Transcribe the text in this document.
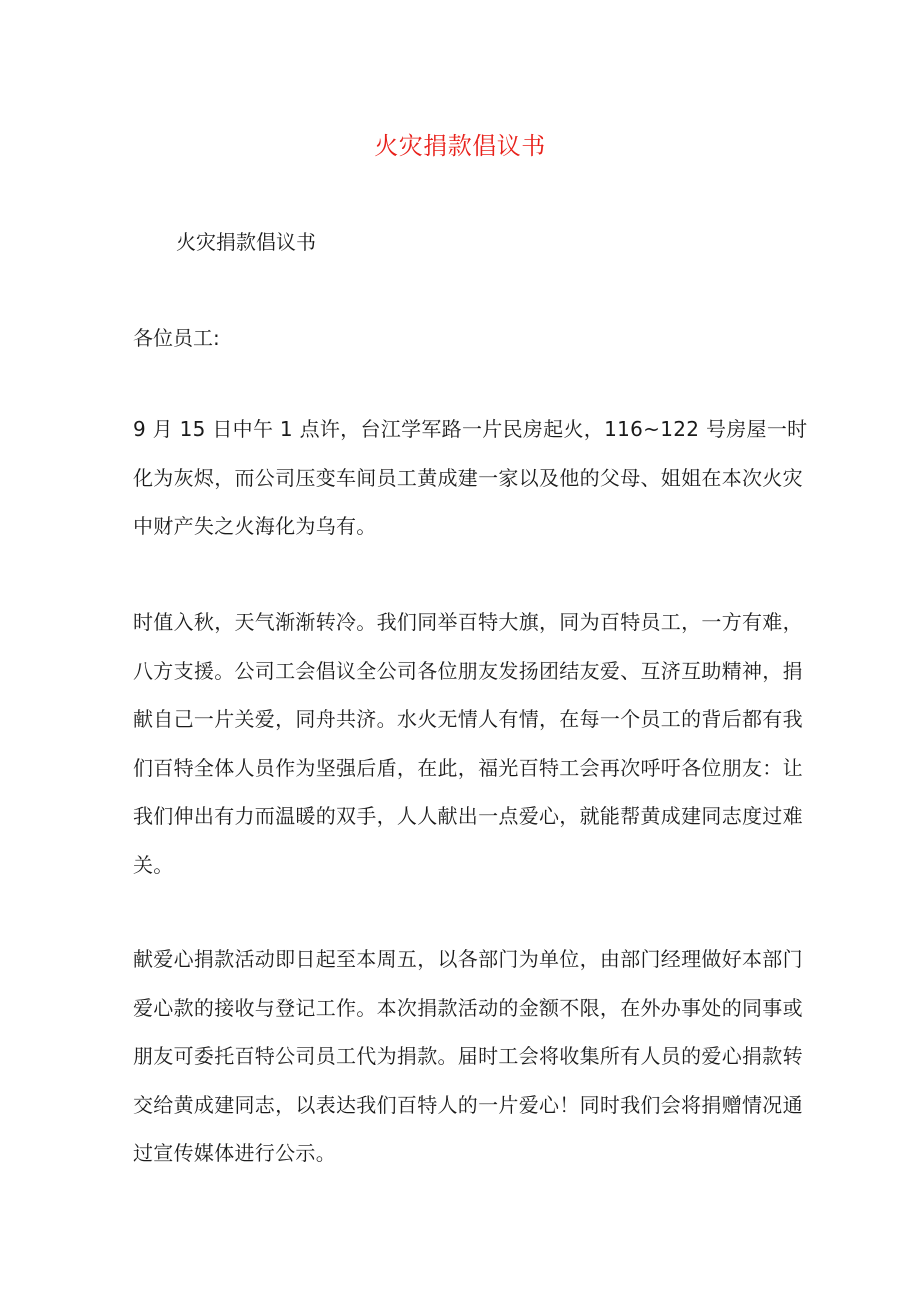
火灾捐款倡议书
火灾捐款倡议书
各位员工:

9 月 15 日中午 1 点许，台江学军路一片民房起火，116~122 号房屋一时
化为灰烬，而公司压变车间员工黄成建一家以及他的父母、姐姐在本次火灾
中财产失之火海化为乌有。

时值入秋，天气渐渐转冷。我们同举百特大旗，同为百特员工，一方有难，
八方支援。公司工会倡议全公司各位朋友发扬团结友爱、互济互助精神，捐
献自己一片关爱，同舟共济。水火无情人有情，在每一个员工的背后都有我
们百特全体人员作为坚强后盾，在此，福光百特工会再次呼吁各位朋友：让
我们伸出有力而温暖的双手，人人献出一点爱心，就能帮黄成建同志度过难
关。

献爱心捐款活动即日起至本周五，以各部门为单位，由部门经理做好本部门
爱心款的接收与登记工作。本次捐款活动的金额不限，在外办事处的同事或
朋友可委托百特公司员工代为捐款。届时工会将收集所有人员的爱心捐款转
交给黄成建同志，以表达我们百特人的一片爱心！同时我们会将捐赠情况通
过宣传媒体进行公示。
